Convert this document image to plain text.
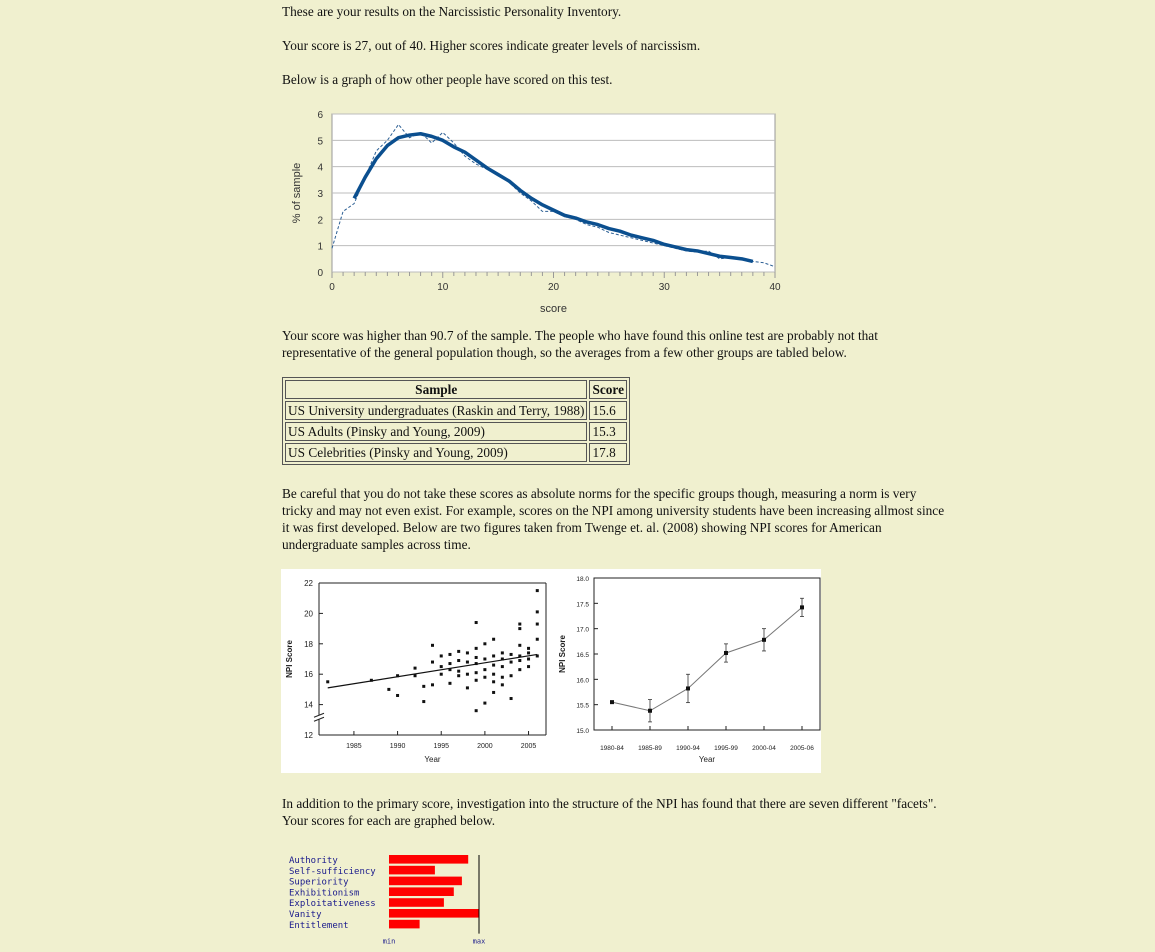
These are your results on the Narcissistic Personality Inventory.

Your score is 27, out of 40. Higher scores indicate greater levels of narcissism.

Below is a graph of how other people have scored on this test.

Your score was higher than 90.7 of the sample. The people who have found this online test are probably not that representative of the general population though, so the averages from a few other groups are tabled below.

Be careful that you do not take these scores as absolute norms for the specific groups though, measuring a norm is very tricky and may not even exist. For example, scores on the NPI among university students have been increasing allmost since it was first developed. Below are two figures taken from Twenge et. al. (2008) showing NPI scores for American undergraduate samples across time.

In addition to the primary score, investigation into the structure of the NPI has found that there are seven different "facets". Your scores for each are graphed below.

0
1
2
3
4
5
6
0	10	20	30	40
score
% of sample
Sample	Score
US University undergraduates (Raskin and Terry, 1988)	15.6
US Adults (Pinsky and Young, 2009)	15.3
US Celebrities (Pinsky and Young, 2009)	17.8
12
14
16
18
20
22
1985	1990	1995	2000	2005
Year
NPI Score
15.0
15.5
16.0
16.5
17.0
17.5
18.0
1980-84 1985-89 1990-94 1995-99 2000-04 2005-06
Year
NPI Score
Authority
Self-sufficiency
Superiority
Exhibitionism
Exploitativeness
Vanity
Entitlement
min	max
